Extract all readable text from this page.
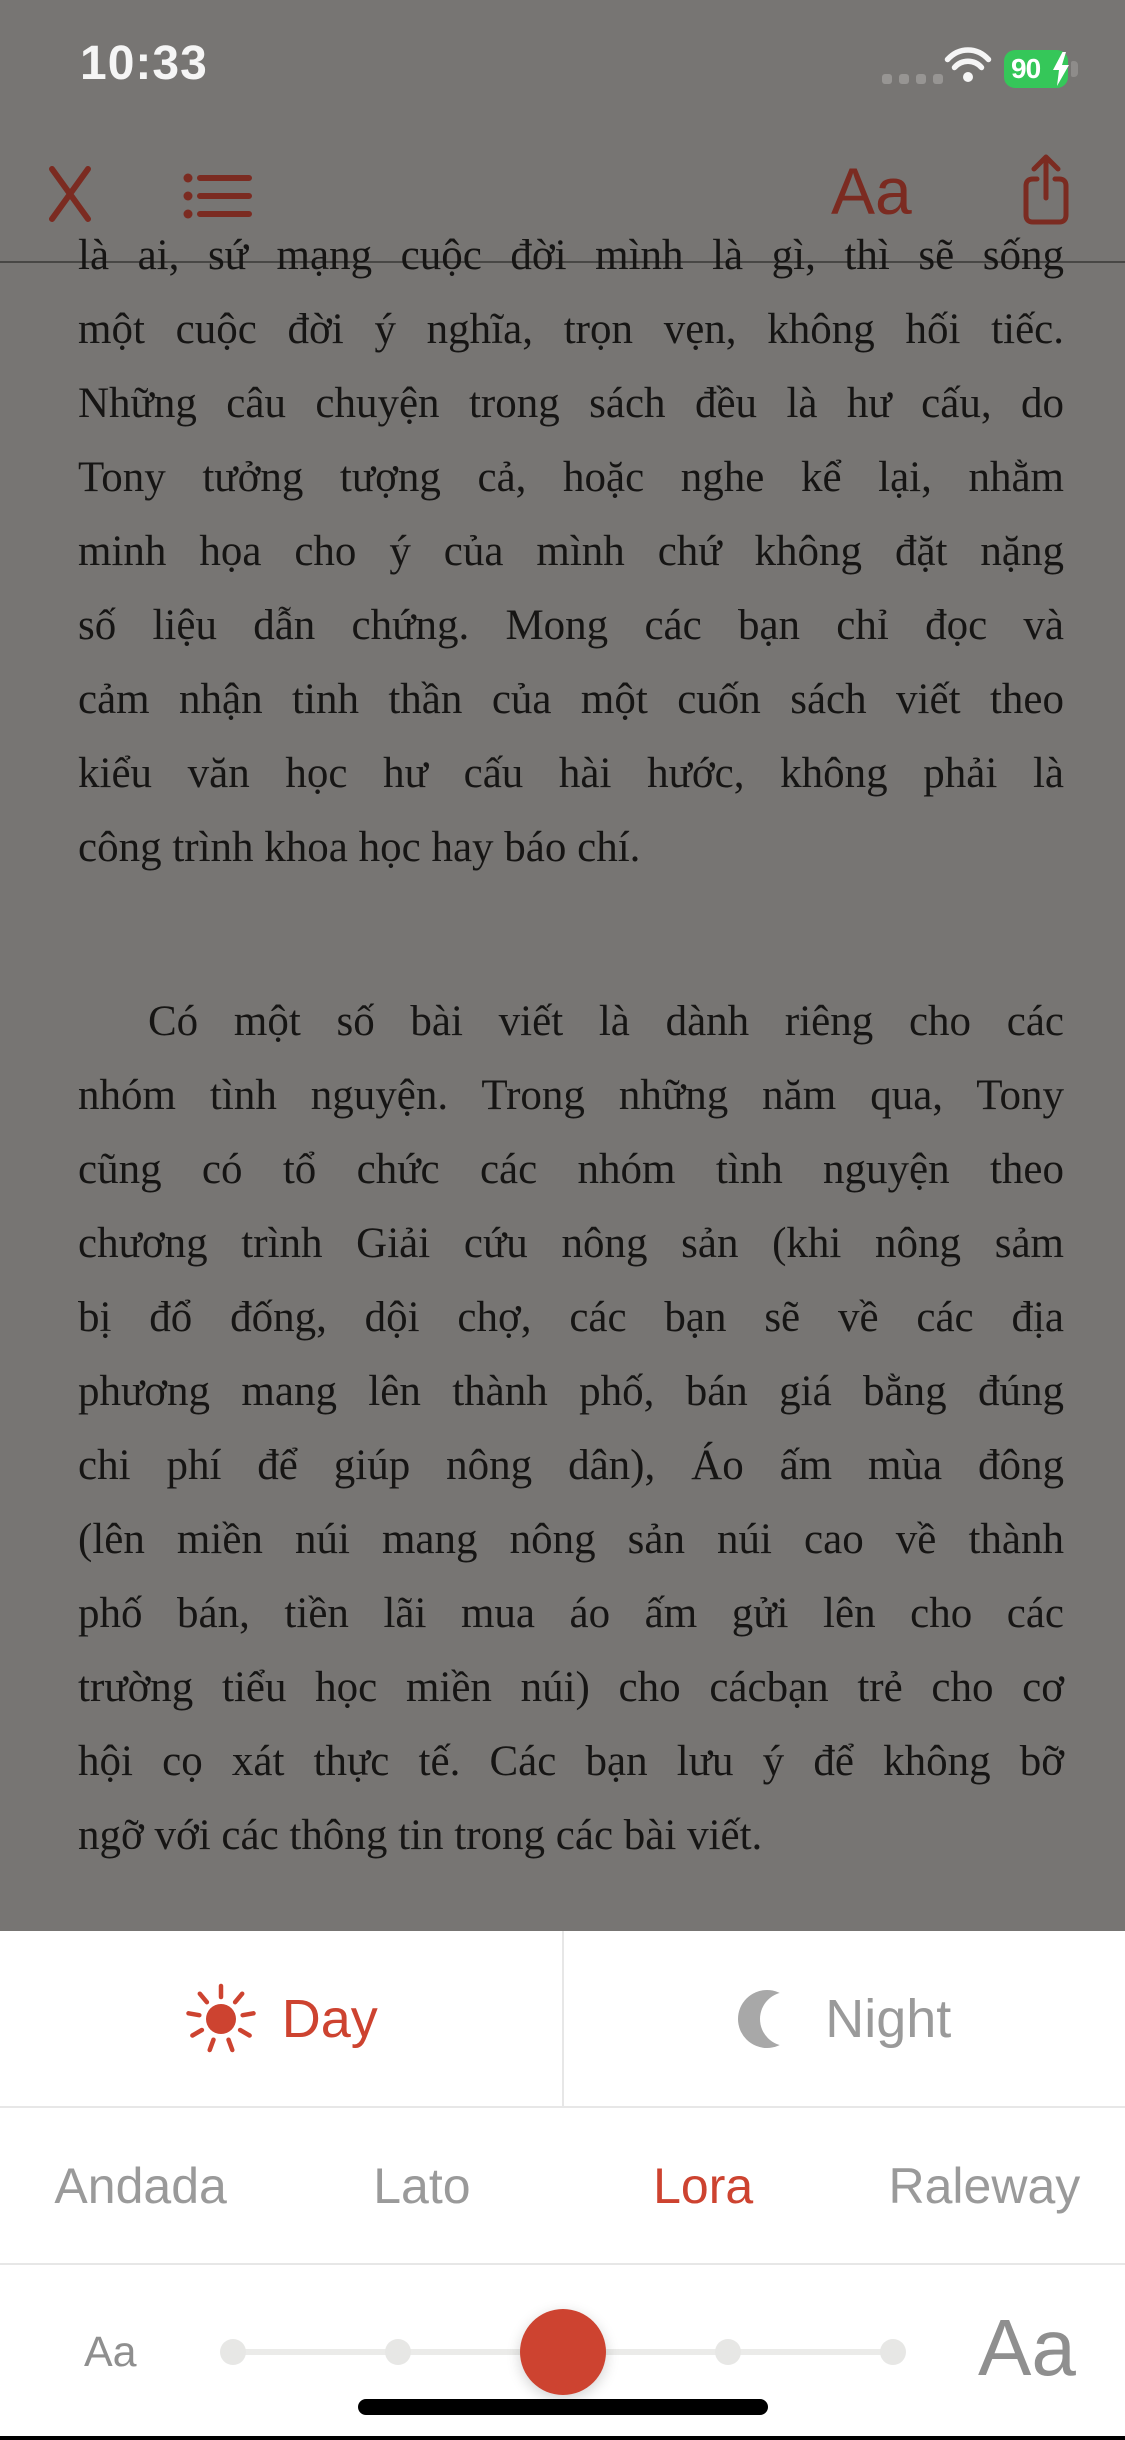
Aa
là ai, sứ mạng cuộc đời mình là gì, thì sẽ sống
một cuộc đời ý nghĩa, trọn vẹn, không hối tiếc.
Những câu chuyện trong sách đều là hư cấu, do
Tony tưởng tượng cả, hoặc nghe kể lại, nhằm
minh họa cho ý của mình chứ không đặt nặng
số liệu dẫn chứng. Mong các bạn chỉ đọc và
cảm nhận tinh thần của một cuốn sách viết theo
kiểu văn học hư cấu hài hước, không phải là
công trình khoa học hay báo chí.
Có một số bài viết là dành riêng cho các
nhóm tình nguyện. Trong những năm qua, Tony
cũng có tổ chức các nhóm tình nguyện theo
chương trình Giải cứu nông sản (khi nông sảm
bị đổ đống, dội chợ, các bạn sẽ về các địa
phương mang lên thành phố, bán giá bằng đúng
chi phí để giúp nông dân), Áo ấm mùa đông
(lên miền núi mang nông sản núi cao về thành
phố bán, tiền lãi mua áo ấm gửi lên cho các
trường tiểu học miền núi) cho cácbạn trẻ cho cơ
hội cọ xát thực tế. Các bạn lưu ý để không bỡ
ngỡ với các thông tin trong các bài viết.
10:33	90
Day	Night
Andada	Lato	Lora	Raleway
Aa	Aa
